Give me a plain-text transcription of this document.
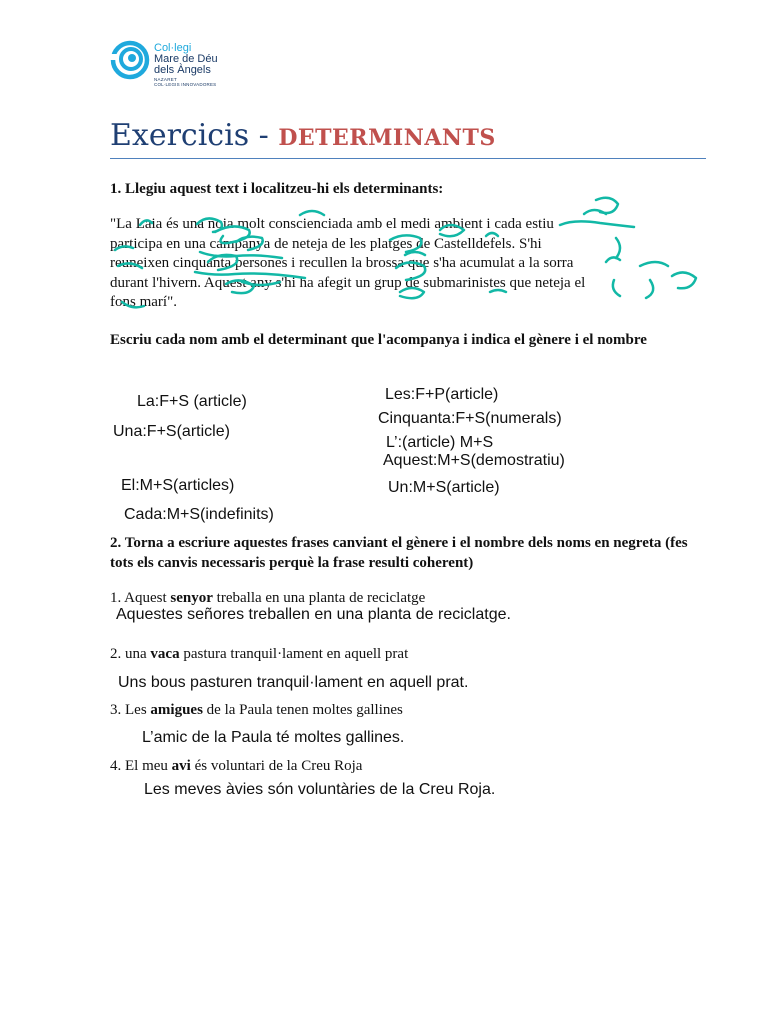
Col·legi
Mare de Déu
dels Àngels
NAZARET
COL·LEGIS INNOVADORES
Exercicis - DETERMINANTS
1. Llegiu aquest text i localitzeu-hi els determinants:
"La Laia és una noia molt conscienciada amb el medi ambient i cada estiu
participa en una campanya de neteja de les platges de Castelldefels. S'hi
reuneixen cinquanta persones i recullen la brossa que s'ha acumulat a la sorra
durant l'hivern. Aquest any s'hi ha afegit un grup de submarinistes que neteja el
fons marí".
Escriu cada nom amb el determinant que l'acompanya i indica el gènere i el nombre
La:F+S (article)
Una:F+S(article)
El:M+S(articles)
Cada:M+S(indefinits)
Les:F+P(article)
Cinquanta:F+S(numerals)
L’:(article) M+S
Aquest:M+S(demostratiu)
Un:M+S(article)
2. Torna a escriure aquestes frases canviant el gènere i el nombre dels noms en negreta (fes tots els canvis necessaris perquè la frase resulti coherent)
1. Aquest senyor treballa en una planta de reciclatge
Aquestes señores treballen en una planta de reciclatge.
2. una vaca pastura tranquil·lament en aquell prat
Uns bous pasturen tranquil·lament en aquell prat.
3. Les amigues de la Paula tenen moltes gallines
L’amic de la Paula té moltes gallines.
4. El meu avi és voluntari de la Creu Roja
Les meves àvies són voluntàries de la Creu Roja.
